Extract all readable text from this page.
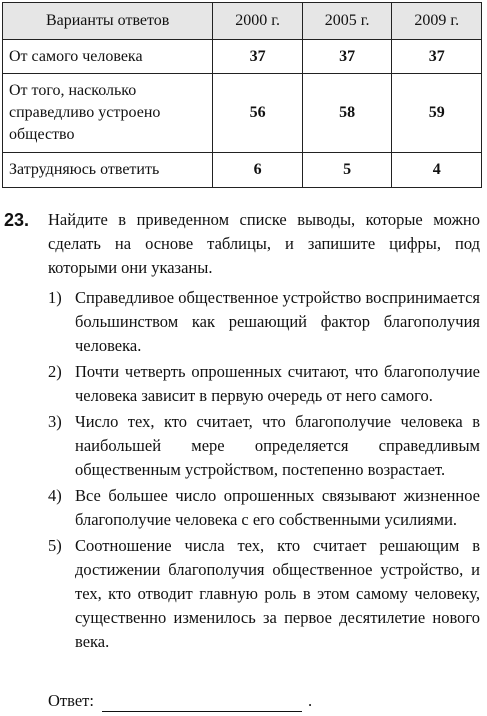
Варианты ответов	2000 г.	2005 г.	2009 г.
От самого человека	37	37	37
От того, насколько справедливо устроено общество	56	58	59
Затрудняюсь ответить	6	5	4
23. Найдите в приведенном списке выводы, которые можно сделать на основе таблицы, и запишите цифры, под которыми они указаны.

1) Справедливое общественное устройство воспринимается большинством как решающий фактор благополучия человека.
2) Почти четверть опрошенных считают, что благополучие человека зависит в первую очередь от него самого.
3) Число тех, кто считает, что благополучие человека в наибольшей мере определяется справедливым общественным устройством, постепенно возрастает.
4) Все большее число опрошенных связывают жизненное благополучие человека с его собственными усилиями.
5) Соотношение числа тех, кто считает решающим в достижении благополучия общественное устройство, и тех, кто отводит главную роль в этом самому человеку, существенно изменилось за первое десятилетие нового века.
Ответ:	.
